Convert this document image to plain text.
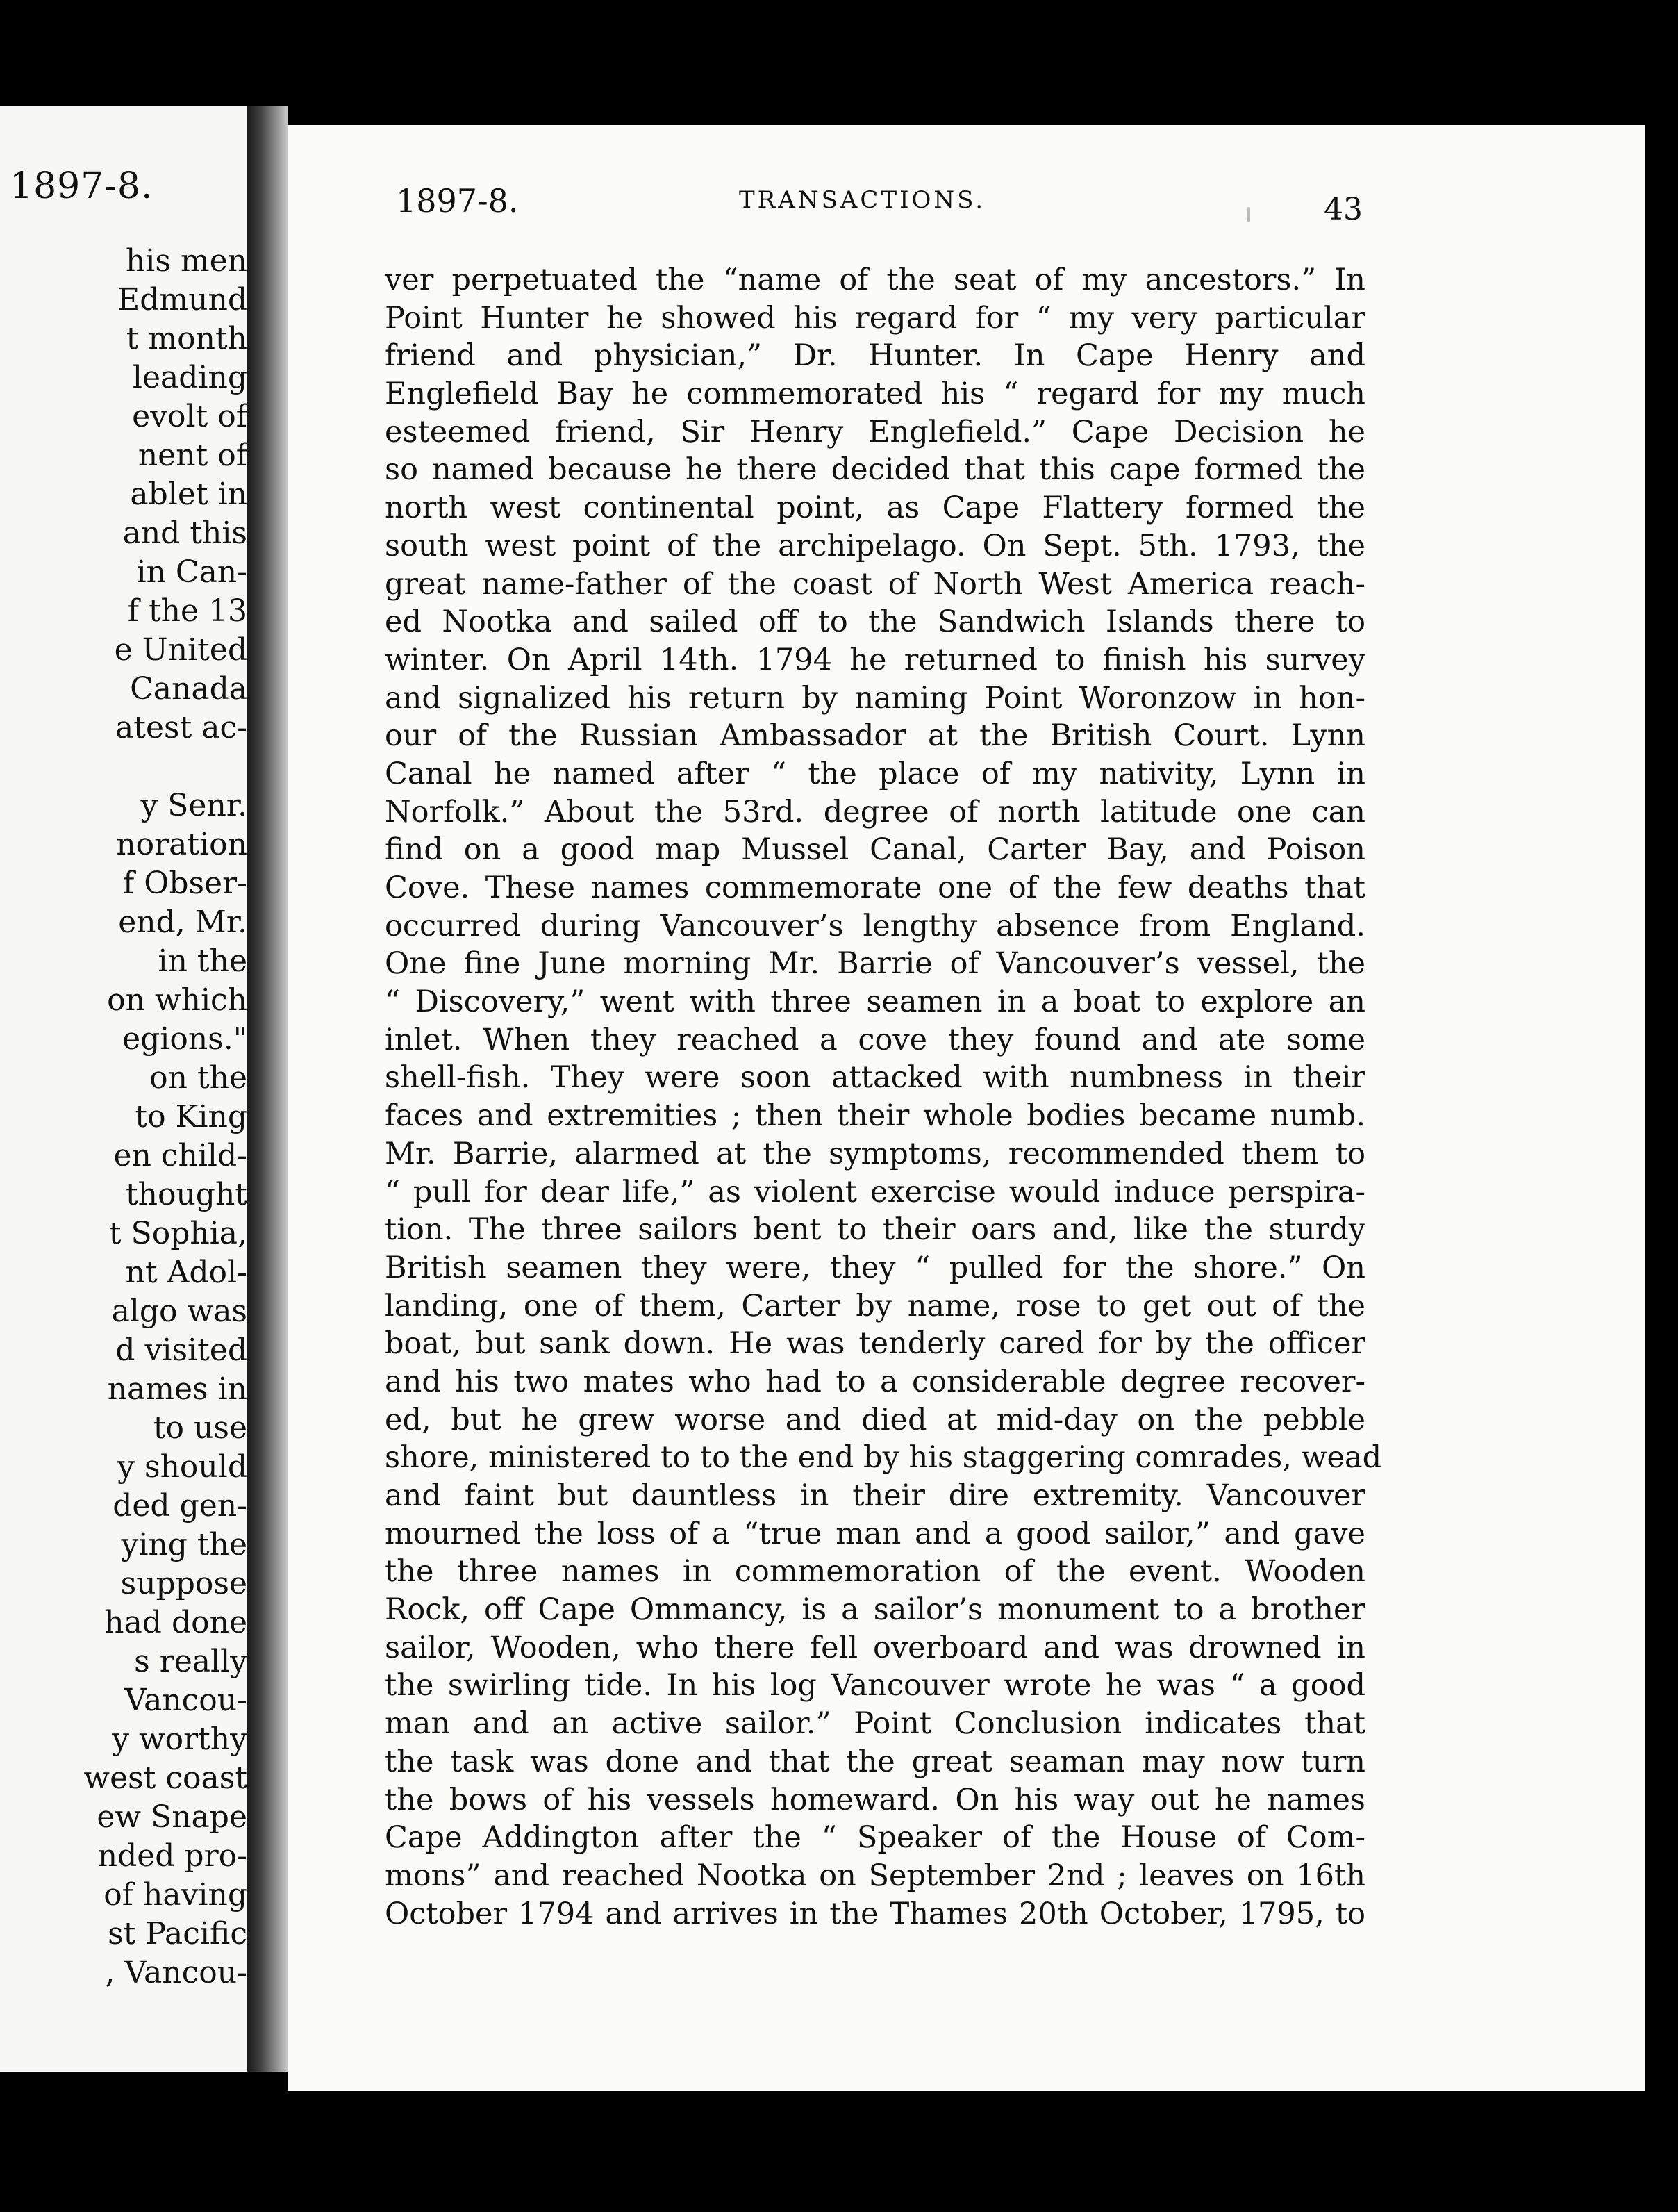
1897-8.
his men
Edmund
t month
leading
evolt of
nent of
ablet in
and this
in Can-
f the 13
e United
Canada
atest ac-
y Senr.
noration
f Obser-
end, Mr.
in the
on which
egions."
on the
to King
en child-
thought
t Sophia,
nt Adol-
algo was
d visited
names in
to use
y should
ded gen-
ying the
suppose
had done
s really
Vancou-
y worthy
west coast
ew Snape
nded pro-
of having
st Pacific
, Vancou-
1897-8.	TRANSACTIONS.	43
ver perpetuated the “name of the seat of my ancestors.” In
Point Hunter he showed his regard for “ my very particular
friend and physician,” Dr. Hunter. In Cape Henry and
Englefield Bay he commemorated his “ regard for my much
esteemed friend, Sir Henry Englefield.” Cape Decision he
so named because he there decided that this cape formed the
north west continental point, as Cape Flattery formed the
south west point of the archipelago. On Sept. 5th. 1793, the
great name-father of the coast of North West America reach-
ed Nootka and sailed off to the Sandwich Islands there to
winter. On April 14th. 1794 he returned to finish his survey
and signalized his return by naming Point Woronzow in hon-
our of the Russian Ambassador at the British Court. Lynn
Canal he named after “ the place of my nativity, Lynn in
Norfolk.” About the 53rd. degree of north latitude one can
find on a good map Mussel Canal, Carter Bay, and Poison
Cove. These names commemorate one of the few deaths that
occurred during Vancouver’s lengthy absence from England.
One fine June morning Mr. Barrie of Vancouver’s vessel, the
“ Discovery,” went with three seamen in a boat to explore an
inlet. When they reached a cove they found and ate some
shell-fish. They were soon attacked with numbness in their
faces and extremities ; then their whole bodies became numb.
Mr. Barrie, alarmed at the symptoms, recommended them to
“ pull for dear life,” as violent exercise would induce perspira-
tion. The three sailors bent to their oars and, like the sturdy
British seamen they were, they “ pulled for the shore.” On
landing, one of them, Carter by name, rose to get out of the
boat, but sank down. He was tenderly cared for by the officer
and his two mates who had to a considerable degree recover-
ed, but he grew worse and died at mid-day on the pebble
shore, ministered to to the end by his staggering comrades, wead
and faint but dauntless in their dire extremity. Vancouver
mourned the loss of a “true man and a good sailor,” and gave
the three names in commemoration of the event. Wooden
Rock, off Cape Ommancy, is a sailor’s monument to a brother
sailor, Wooden, who there fell overboard and was drowned in
the swirling tide. In his log Vancouver wrote he was “ a good
man and an active sailor.” Point Conclusion indicates that
the task was done and that the great seaman may now turn
the bows of his vessels homeward. On his way out he names
Cape Addington after the “ Speaker of the House of Com-
mons” and reached Nootka on September 2nd ; leaves on 16th
October 1794 and arrives in the Thames 20th October, 1795, to
